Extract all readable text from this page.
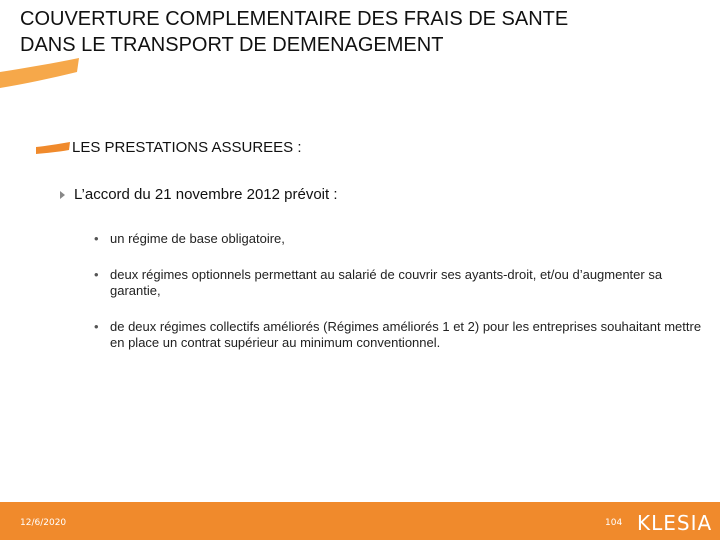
COUVERTURE COMPLEMENTAIRE DES FRAIS DE SANTE
DANS LE TRANSPORT DE DEMENAGEMENT
LES PRESTATIONS ASSUREES :
L’accord du 21 novembre 2012 prévoit :
• un régime de base obligatoire,
• deux régimes optionnels permettant au salarié de couvrir ses ayants-droit, et/ou d’augmenter sa garantie,
• de deux régimes collectifs améliorés (Régimes améliorés 1 et 2) pour les entreprises souhaitant mettre en place un contrat supérieur au minimum conventionnel.
12/6/2020	104 KLESIA
